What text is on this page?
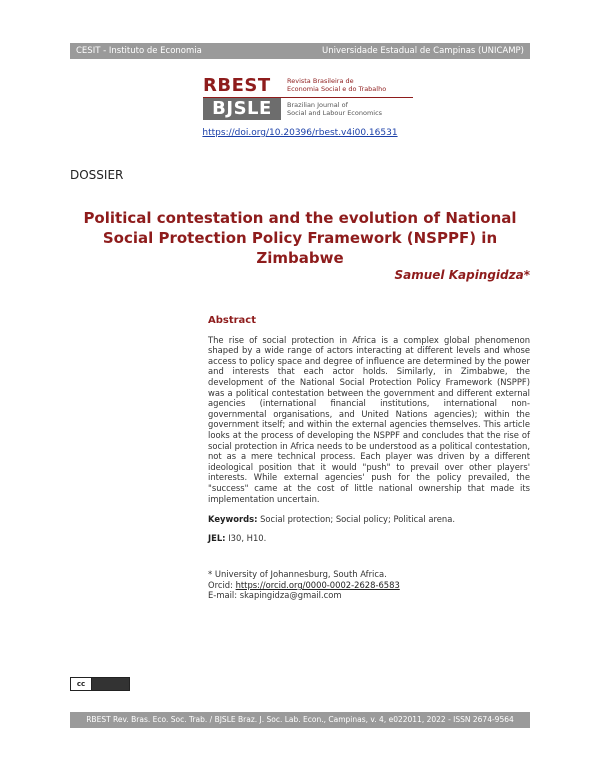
CESIT - Instituto de Economia	Universidade Estadual de Campinas (UNICAMP)
RBEST	Revista Brasileira de
Economia Social e do Trabalho
BJSLE	Brazilian Journal of
Social and Labour Economics
https://doi.org/10.20396/rbest.v4i00.16531
DOSSIER
Political contestation and the evolution of National Social Protection Policy Framework (NSPPF) in Zimbabwe
Samuel Kapingidza*
Abstract

The rise of social protection in Africa is a complex global phenomenon shaped by a wide range of actors interacting at different levels and whose access to policy space and degree of influence are determined by the power and interests that each actor holds. Similarly, in Zimbabwe, the development of the National Social Protection Policy Framework (NSPPF) was a political contestation between the government and different external agencies (international financial institutions, international non-governmental organisations, and United Nations agencies); within the government itself; and within the external agencies themselves. This article looks at the process of developing the NSPPF and concludes that the rise of social protection in Africa needs to be understood as a political contestation, not as a mere technical process. Each player was driven by a different ideological position that it would "push" to prevail over other players' interests. While external agencies' push for the policy prevailed, the "success" came at the cost of little national ownership that made its implementation uncertain.

Keywords: Social protection; Social policy; Political arena.

JEL: I30, H10.

* University of Johannesburg, South Africa.
Orcid: https://orcid.org/0000-0002-2628-6583
E-mail: skapingidza@gmail.com
cc
RBEST Rev. Bras. Eco. Soc. Trab. / BJSLE Braz. J. Soc. Lab. Econ., Campinas, v. 4, e022011, 2022 - ISSN 2674-9564
